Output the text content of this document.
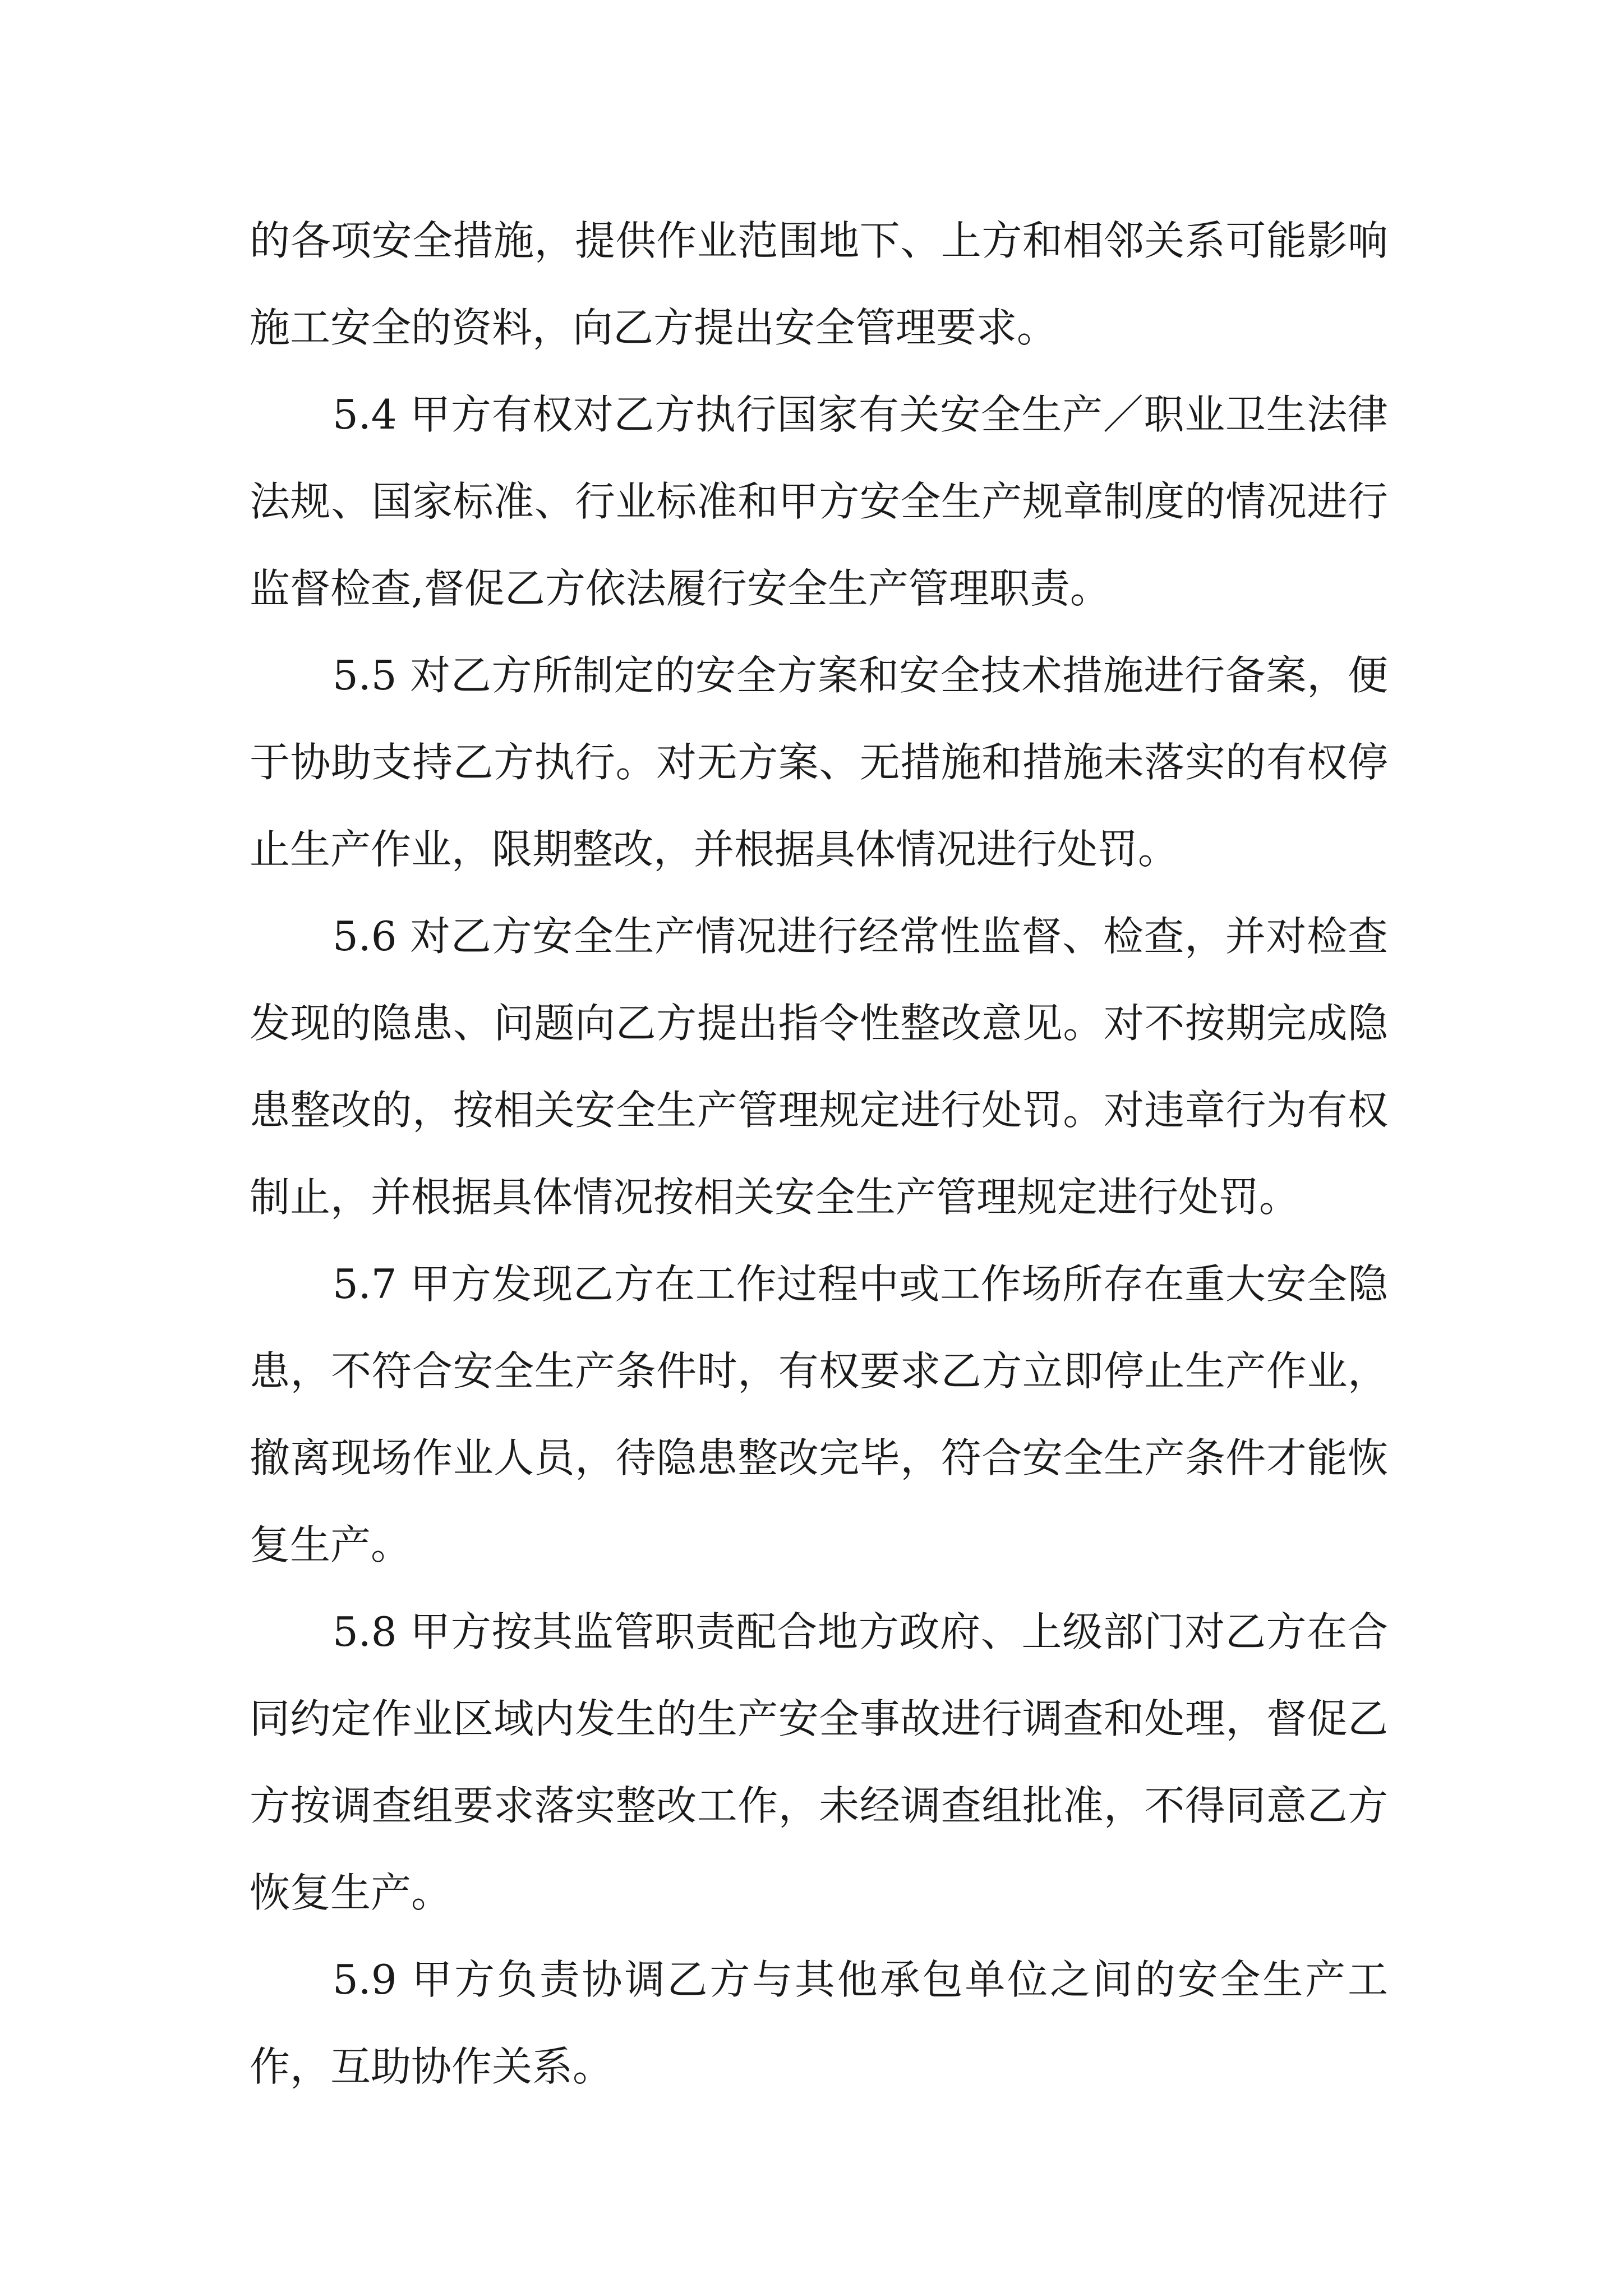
的各项安全措施，提供作业范围地下、上方和相邻关系可能影响施工安全的资料，向乙方提出安全管理要求。

5.4 甲方有权对乙方执行国家有关安全生产／职业卫生法律法规、国家标准、行业标准和甲方安全生产规章制度的情况进行监督检查,督促乙方依法履行安全生产管理职责。

5.5 对乙方所制定的安全方案和安全技术措施进行备案，便于协助支持乙方执行。对无方案、无措施和措施未落实的有权停止生产作业，限期整改，并根据具体情况进行处罚。

5.6 对乙方安全生产情况进行经常性监督、检查，并对检查发现的隐患、问题向乙方提出指令性整改意见。对不按期完成隐患整改的，按相关安全生产管理规定进行处罚。对违章行为有权制止，并根据具体情况按相关安全生产管理规定进行处罚。

5.7 甲方发现乙方在工作过程中或工作场所存在重大安全隐患，不符合安全生产条件时，有权要求乙方立即停止生产作业，撤离现场作业人员，待隐患整改完毕，符合安全生产条件才能恢复生产。

5.8 甲方按其监管职责配合地方政府、上级部门对乙方在合同约定作业区域内发生的生产安全事故进行调查和处理，督促乙方按调查组要求落实整改工作，未经调查组批准，不得同意乙方恢复生产。

5.9 甲方负责协调乙方与其他承包单位之间的安全生产工作，互助协作关系。
